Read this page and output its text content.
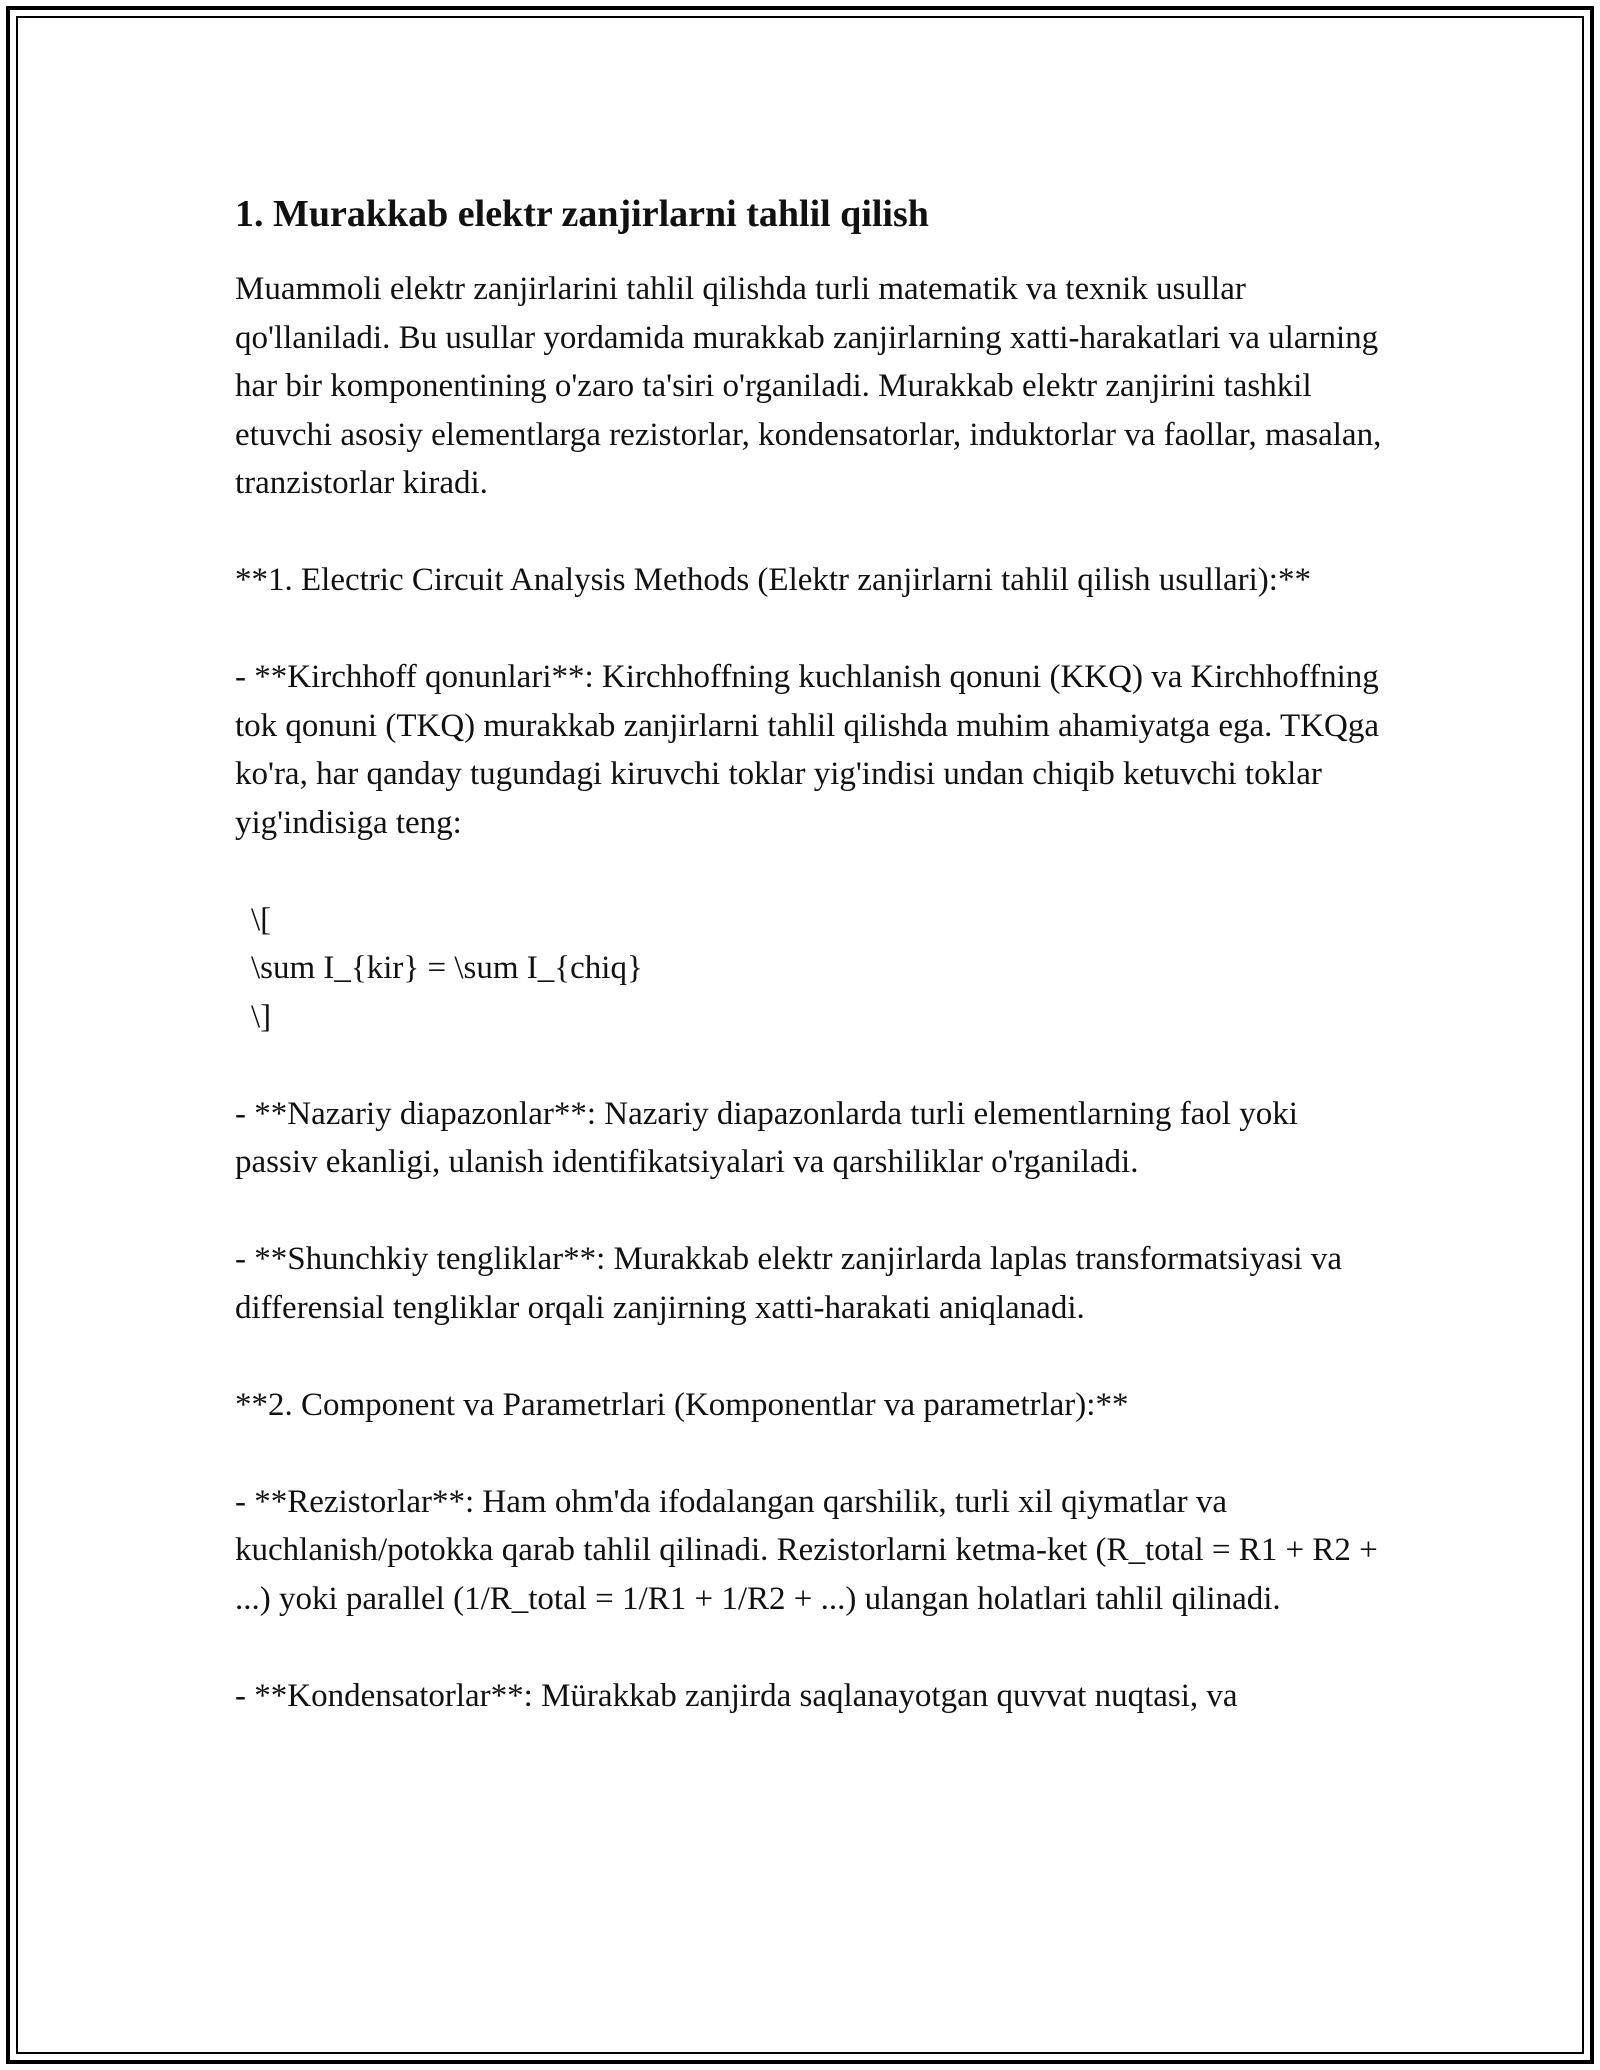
1. Murakkab elektr zanjirlarni tahlil qilish

Muammoli elektr zanjirlarini tahlil qilishda turli matematik va texnik usullar qo'llaniladi. Bu usullar yordamida murakkab zanjirlarning xatti-harakatlari va ularning har bir komponentining o'zaro ta'siri o'rganiladi. Murakkab elektr zanjirini tashkil etuvchi asosiy elementlarga rezistorlar, kondensatorlar, induktorlar va faollar, masalan, tranzistorlar kiradi.

**1. Electric Circuit Analysis Methods (Elektr zanjirlarni tahlil qilish usullari):**

- **Kirchhoff qonunlari**: Kirchhoffning kuchlanish qonuni (KKQ) va Kirchhoffning tok qonuni (TKQ) murakkab zanjirlarni tahlil qilishda muhim ahamiyatga ega. TKQga ko'ra, har qanday tugundagi kiruvchi toklar yig'indisi undan chiqib ketuvchi toklar yig'indisiga teng:

\[

\sum I_{kir} = \sum I_{chiq}

\]

- **Nazariy diapazonlar**: Nazariy diapazonlarda turli elementlarning faol yoki passiv ekanligi, ulanish identifikatsiyalari va qarshiliklar o'rganiladi.

- **Shunchkiy tengliklar**: Murakkab elektr zanjirlarda laplas transformatsiyasi va differensial tengliklar orqali zanjirning xatti-harakati aniqlanadi.

**2. Component va Parametrlari (Komponentlar va parametrlar):**

- **Rezistorlar**: Ham ohm'da ifodalangan qarshilik, turli xil qiymatlar va kuchlanish/potokka qarab tahlil qilinadi. Rezistorlarni ketma-ket (R_total = R1 + R2 + ...) yoki parallel (1/R_total = 1/R1 + 1/R2 + ...) ulangan holatlari tahlil qilinadi.

- **Kondensatorlar**: Mürakkab zanjirda saqlanayotgan quvvat nuqtasi, va
